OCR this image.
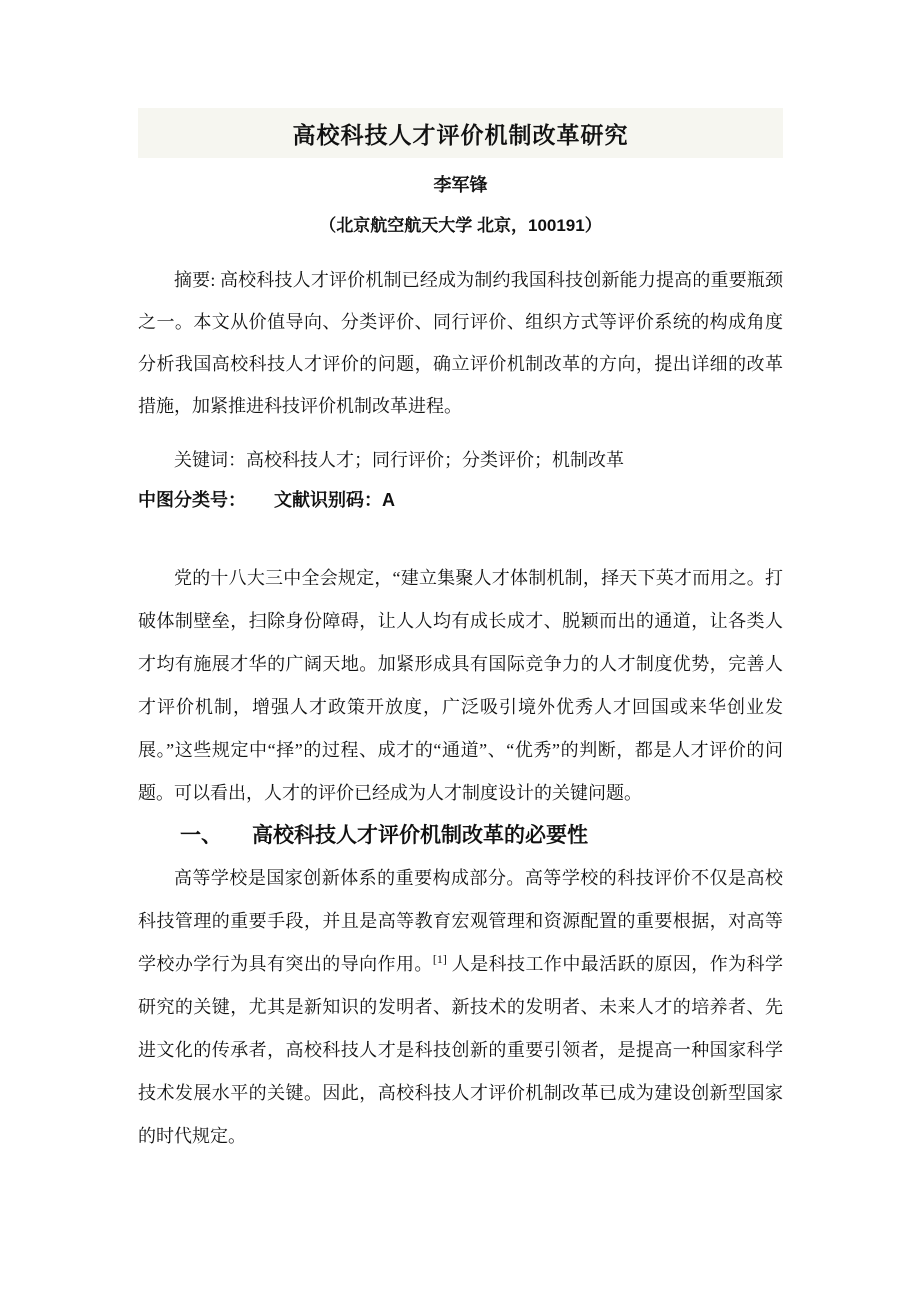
高校科技人才评价机制改革研究

李军锋

（北京航空航天大学 北京，100191）

摘要: 高校科技人才评价机制已经成为制约我国科技创新能力提高的重要瓶颈之一。本文从价值导向、分类评价、同行评价、组织方式等评价系统的构成角度分析我国高校科技人才评价的问题，确立评价机制改革的方向，提出详细的改革措施，加紧推进科技评价机制改革进程。

关键词：高校科技人才；同行评价；分类评价；机制改革

中图分类号： 文献识别码：A

党的十八大三中全会规定，“建立集聚人才体制机制，择天下英才而用之。打破体制壁垒，扫除身份障碍，让人人均有成长成才、脱颖而出的通道，让各类人才均有施展才华的广阔天地。加紧形成具有国际竞争力的人才制度优势，完善人才评价机制，增强人才政策开放度，广泛吸引境外优秀人才回国或来华创业发展。”这些规定中“择”的过程、成才的“通道”、“优秀”的判断，都是人才评价的问题。可以看出，人才的评价已经成为人才制度设计的关键问题。

一、 高校科技人才评价机制改革的必要性

高等学校是国家创新体系的重要构成部分。高等学校的科技评价不仅是高校科技管理的重要手段，并且是高等教育宏观管理和资源配置的重要根据，对高等学校办学行为具有突出的导向作用。[1] 人是科技工作中最活跃的原因，作为科学研究的关键，尤其是新知识的发明者、新技术的发明者、未来人才的培养者、先进文化的传承者，高校科技人才是科技创新的重要引领者，是提高一种国家科学技术发展水平的关键。因此，高校科技人才评价机制改革已成为建设创新型国家的时代规定。
